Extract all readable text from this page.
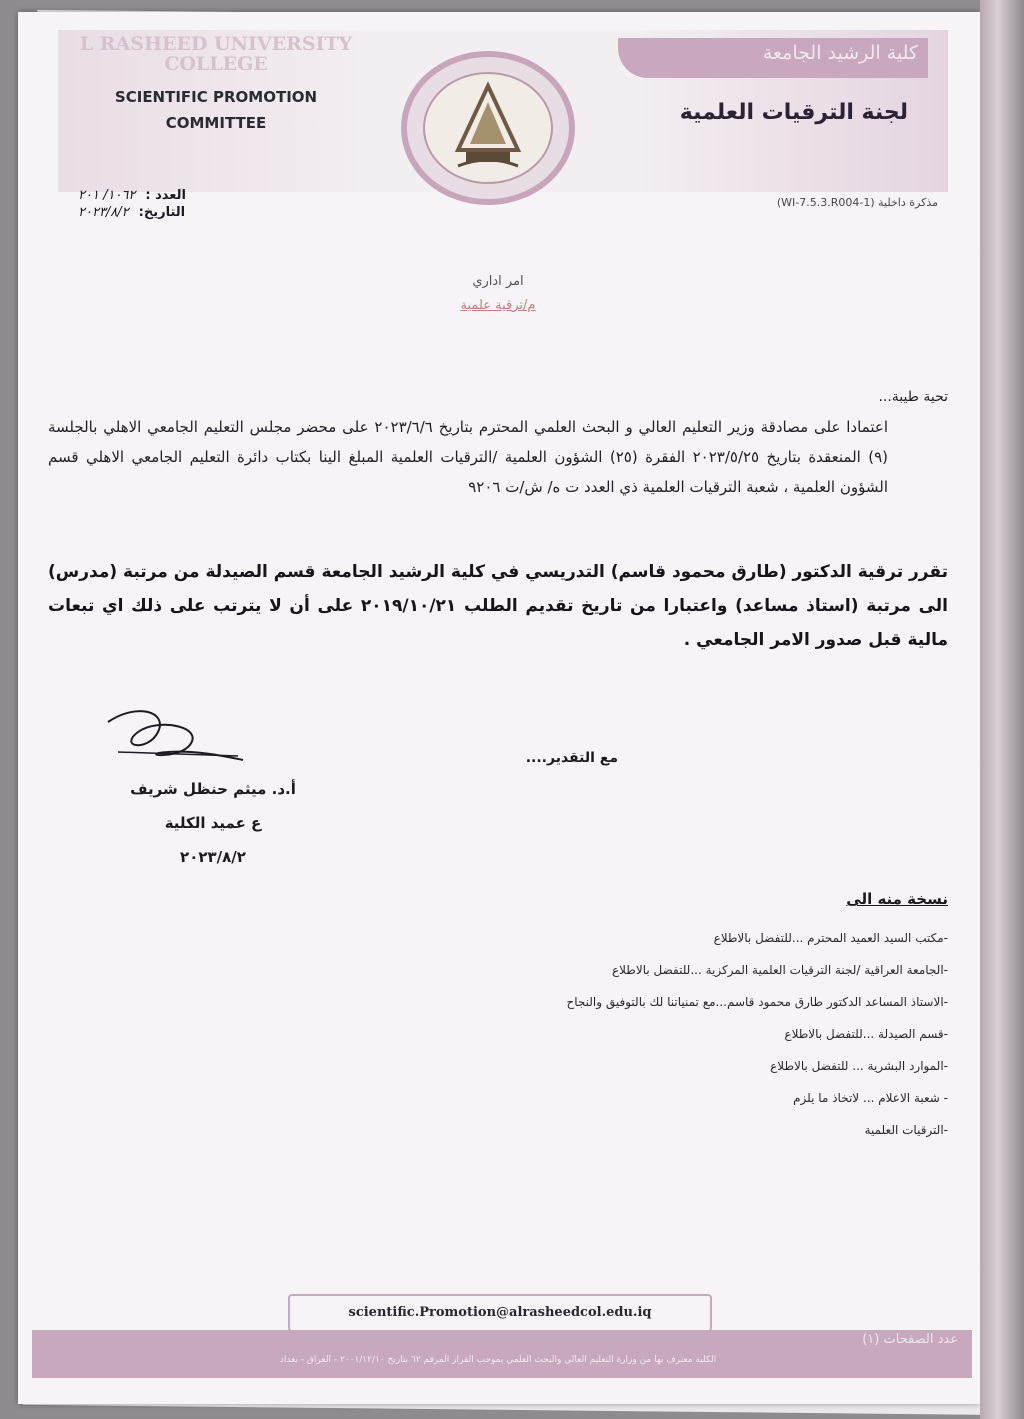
L RASHEED UNIVERSITY COLLEGE
SCIENTIFIC PROMOTION
COMMITTEE
كلية الرشيد الجامعة
لجنة الترقيات العلمية
مذكرة داخلية (WI-7.5.3.R004-1)
العدد :
١٠٦٢/ ٢٠١
التاريخ:
٢٠٢٣/٨/٢
امر اداري
م/ترقية علمية

تحية طيبة...

اعتمادا على مصادقة وزير التعليم العالي و البحث العلمي المحترم بتاريخ ٢٠٢٣/٦/٦ على محضر مجلس التعليم الجامعي الاهلي بالجلسة (٩) المنعقدة بتاريخ ٢٠٢٣/٥/٢٥ الفقرة (٢٥) الشؤون العلمية /الترقيات العلمية المبلغ الينا بكتاب دائرة التعليم الجامعي الاهلي قسم الشؤون العلمية ، شعبة الترقيات العلمية ذي العدد ت ه/ ش/ت ٩٢٠٦

تقرر ترقية الدكتور (طارق محمود قاسم) التدريسي في كلية الرشيد الجامعة قسم الصيدلة من مرتبة (مدرس) الى مرتبة (استاذ مساعد) واعتبارا من تاريخ تقديم الطلب ٢٠١٩/١٠/٢١ على أن لا يترتب على ذلك اي تبعات مالية قبل صدور الامر الجامعي .

مع التقدير....
أ.د. ميثم حنظل شريف
ع عميد الكلية
٢٠٢٣/٨/٢
نسخة منه الى
-مكتب السيد العميد المحترم ...للتفضل بالاطلاع
-الجامعة العراقية /لجنة الترقيات العلمية المركزية ...للتفضل بالاطلاع
-الاستاذ المساعد الدكتور طارق محمود قاسم...مع تمنياتنا لك بالتوفيق والنجاح
-قسم الصيدلة ...للتفضل بالاطلاع
-الموارد البشرية ... للتفضل بالاطلاع
- شعبة الاعلام ... لاتخاذ ما يلزم
-الترقيات العلمية
scientific.Promotion@alrasheedcol.edu.iq
عدد الصفحات (١)
الكلية معترف بها من وزارة التعليم العالي والبحث العلمي بموجب القرار المرقم ٦٢ بتاريخ ٢٠٠١/١٢/١٠ - العراق - بغداد
